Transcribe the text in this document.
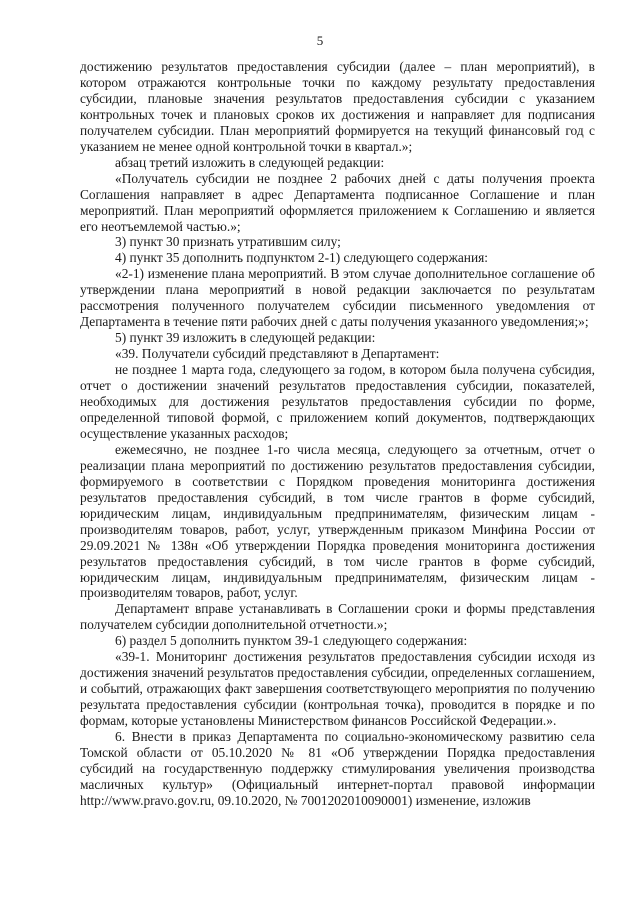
5

достижению результатов предоставления субсидии (далее – план мероприятий), в котором отражаются контрольные точки по каждому результату предоставления субсидии, плановые значения результатов предоставления субсидии с указанием контрольных точек и плановых сроков их достижения и направляет для подписания получателем субсидии. План мероприятий формируется на текущий финансовый год с указанием не менее одной контрольной точки в квартал.»;

абзац третий изложить в следующей редакции:

«Получатель субсидии не позднее 2 рабочих дней с даты получения проекта Соглашения направляет в адрес Департамента подписанное Соглашение и план мероприятий. План мероприятий оформляется приложением к Соглашению и является его неотъемлемой частью.»;

3) пункт 30 признать утратившим силу;

4) пункт 35 дополнить подпунктом 2-1) следующего содержания:

«2-1) изменение плана мероприятий. В этом случае дополнительное соглашение об утверждении плана мероприятий в новой редакции заключается по результатам рассмотрения полученного получателем субсидии письменного уведомления от Департамента в течение пяти рабочих дней с даты получения указанного уведомления;»;

5) пункт 39 изложить в следующей редакции:

«39. Получатели субсидий представляют в Департамент:

не позднее 1 марта года, следующего за годом, в котором была получена субсидия, отчет о достижении значений результатов предоставления субсидии, показателей, необходимых для достижения результатов предоставления субсидии по форме, определенной типовой формой, с приложением копий документов, подтверждающих осуществление указанных расходов;

ежемесячно, не позднее 1-го числа месяца, следующего за отчетным, отчет о реализации плана мероприятий по достижению результатов предоставления субсидии, формируемого в соответствии с Порядком проведения мониторинга достижения результатов предоставления субсидий, в том числе грантов в форме субсидий, юридическим лицам, индивидуальным предпринимателям, физическим лицам - производителям товаров, работ, услуг, утвержденным приказом Минфина России от 29.09.2021 № 138н «Об утверждении Порядка проведения мониторинга достижения результатов предоставления субсидий, в том числе грантов в форме субсидий, юридическим лицам, индивидуальным предпринимателям, физическим лицам - производителям товаров, работ, услуг.

Департамент вправе устанавливать в Соглашении сроки и формы представления получателем субсидии дополнительной отчетности.»;

6) раздел 5 дополнить пунктом 39-1 следующего содержания:

«39-1. Мониторинг достижения результатов предоставления субсидии исходя из достижения значений результатов предоставления субсидии, определенных соглашением, и событий, отражающих факт завершения соответствующего мероприятия по получению результата предоставления субсидии (контрольная точка), проводится в порядке и по формам, которые установлены Министерством финансов Российской Федерации.».

6. Внести в приказ Департамента по социально-экономическому развитию села Томской области от 05.10.2020 № 81 «Об утверждении Порядка предоставления субсидий на государственную поддержку стимулирования увеличения производства масличных культур» (Официальный интернет-портал правовой информации http://www.pravo.gov.ru, 09.10.2020, № 7001202010090001) изменение, изложив
